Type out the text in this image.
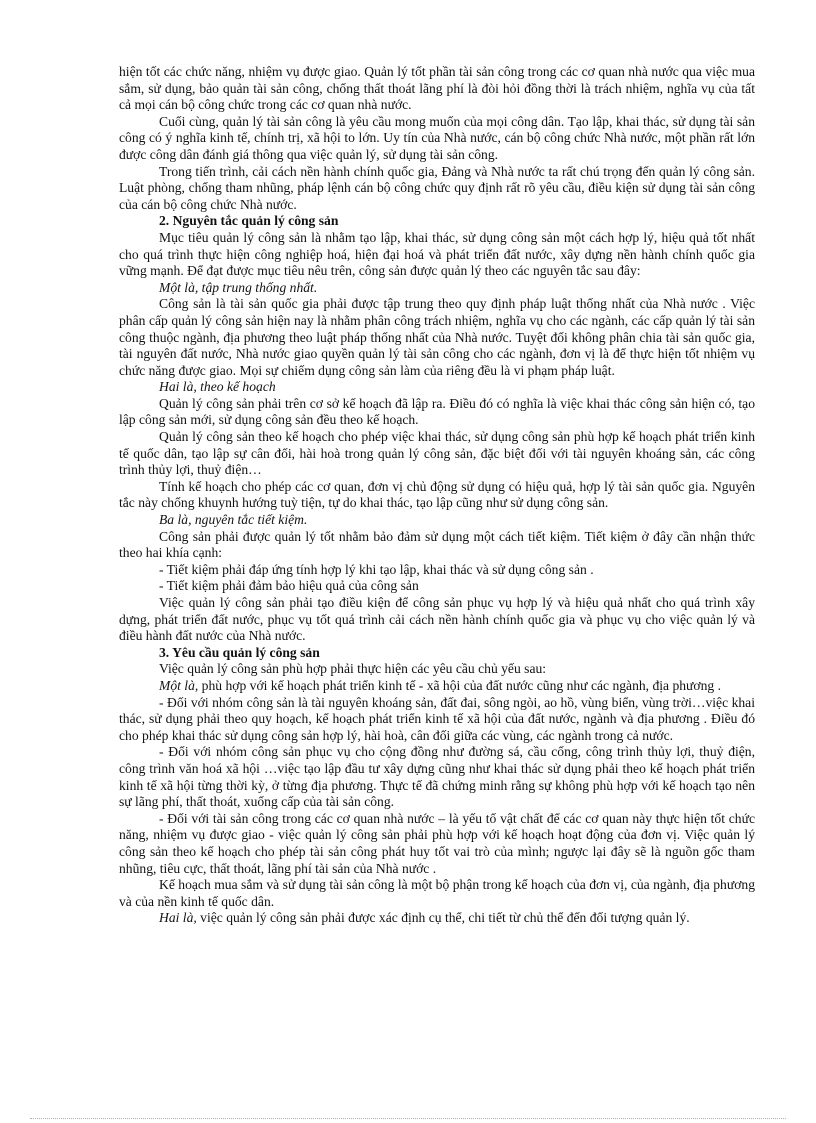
hiện tốt các chức năng, nhiệm vụ được giao. Quản lý tốt phần tài sản công trong các cơ quan nhà nước qua việc mua sắm, sử dụng, bảo quản tài sản công, chống thất thoát lãng phí là đòi hỏi đồng thời là trách nhiệm, nghĩa vụ của tất cả mọi cán bộ công chức trong các cơ quan nhà nước.

Cuối cùng, quản lý tài sản công là yêu cầu mong muốn của mọi công dân. Tạo lập, khai thác, sử dụng tài sản công có ý nghĩa kinh tế, chính trị, xã hội to lớn. Uy tín của Nhà nước, cán bộ công chức Nhà nước, một phần rất lớn được công dân đánh giá thông qua việc quản lý, sử dụng tài sản công.

Trong tiến trình, cải cách nền hành chính quốc gia, Đảng và Nhà nước ta rất chú trọng đến quản lý công sản. Luật phòng, chống tham nhũng, pháp lệnh cán bộ công chức quy định rất rõ yêu cầu, điều kiện sử dụng tài sản công của cán bộ công chức Nhà nước.

2. Nguyên tắc quản lý công sản

Mục tiêu quản lý công sản là nhằm tạo lập, khai thác, sử dụng công sản một cách hợp lý, hiệu quả tốt nhất cho quá trình thực hiện công nghiệp hoá, hiện đại hoá và phát triển đất nước, xây dựng nền hành chính quốc gia vững mạnh. Để đạt được mục tiêu nêu trên, công sản được quản lý theo các nguyên tắc sau đây:

Một là, tập trung thống nhất.

Công sản là tài sản quốc gia phải được tập trung theo quy định pháp luật thống nhất của Nhà nước . Việc phân cấp quản lý công sản hiện nay là nhằm phân công trách nhiệm, nghĩa vụ cho các ngành, các cấp quản lý tài sản công thuộc ngành, địa phương theo luật pháp thống nhất của Nhà nước. Tuyệt đối không phân chia tài sản quốc gia, tài nguyên đất nước, Nhà nước giao quyền quản lý tài sản công cho các ngành, đơn vị là để thực hiện tốt nhiệm vụ chức năng được giao. Mọi sự chiếm dụng công sản làm của riêng đều là vi phạm pháp luật.

Hai là, theo kế hoạch

Quản lý công sản phải trên cơ sở kế hoạch đã lập ra. Điều đó có nghĩa là việc khai thác công sản hiện có, tạo lập công sản mới, sử dụng công sản đều theo kế hoạch.

Quản lý công sản theo kế hoạch cho phép việc khai thác, sử dụng công sản phù hợp kế hoạch phát triển kinh tế quốc dân, tạo lập sự cân đối, hài hoà trong quản lý công sản, đặc biệt đối với tài nguyên khoáng sản, các công trình thủy lợi, thuỷ điện…

Tính kế hoạch cho phép các cơ quan, đơn vị chủ động sử dụng có hiệu quả, hợp lý tài sản quốc gia. Nguyên tắc này chống khuynh hướng tuỳ tiện, tự do khai thác, tạo lập cũng như sử dụng công sản.

Ba là, nguyên tắc tiết kiệm.

Công sản phải được quản lý tốt nhằm bảo đảm sử dụng một cách tiết kiệm. Tiết kiệm ở đây cần nhận thức theo hai khía cạnh:

- Tiết kiệm phải đáp ứng tính hợp lý khi tạo lập, khai thác và sử dụng công sản .

- Tiết kiệm phải đảm bảo hiệu quả của công sản

Việc quản lý công sản phải tạo điều kiện để công sản phục vụ hợp lý và hiệu quả nhất cho quá trình xây dựng, phát triển đất nước, phục vụ tốt quá trình cải cách nền hành chính quốc gia và phục vụ cho việc quản lý và điều hành đất nước của Nhà nước.

3. Yêu cầu quản lý công sản

Việc quản lý công sản phù hợp phải thực hiện các yêu cầu chủ yếu sau:

Một là, phù hợp với kế hoạch phát triển kinh tế - xã hội của đất nước cũng như các ngành, địa phương .

- Đối với nhóm công sản là tài nguyên khoáng sản, đất đai, sông ngòi, ao hồ, vùng biển, vùng trời…việc khai thác, sử dụng phải theo quy hoạch, kế hoạch phát triển kinh tế xã hội của đất nước, ngành và địa phương . Điều đó cho phép khai thác sử dụng công sản hợp lý, hài hoà, cân đối giữa các vùng, các ngành trong cả nước.

- Đối với nhóm công sản phục vụ cho cộng đồng như đường sá, cầu cống, công trình thủy lợi, thuỷ điện, công trình văn hoá xã hội …việc tạo lập đầu tư xây dựng cũng như khai thác sử dụng phải theo kế hoạch phát triển kinh tế xã hội từng thời kỳ, ở từng địa phương. Thực tế đã chứng minh rằng sự không phù hợp với kế hoạch tạo nên sự lãng phí, thất thoát, xuống cấp của tài sản công.

- Đối với tài sản công trong các cơ quan nhà nước – là yếu tố vật chất để các cơ quan này thực hiện tốt chức năng, nhiệm vụ được giao - việc quản lý công sản phải phù hợp với kế hoạch hoạt động của đơn vị. Việc quản lý công sản theo kế hoạch cho phép tài sản công phát huy tốt vai trò của mình; ngược lại đây sẽ là nguồn gốc tham nhũng, tiêu cực, thất thoát, lãng phí tài sản của Nhà nước .

Kế hoạch mua sắm và sử dụng tài sản công là một bộ phận trong kế hoạch của đơn vị, của ngành, địa phương và của nền kinh tế quốc dân.

Hai là, việc quản lý công sản phải được xác định cụ thể, chi tiết từ chủ thể đến đối tượng quản lý.
